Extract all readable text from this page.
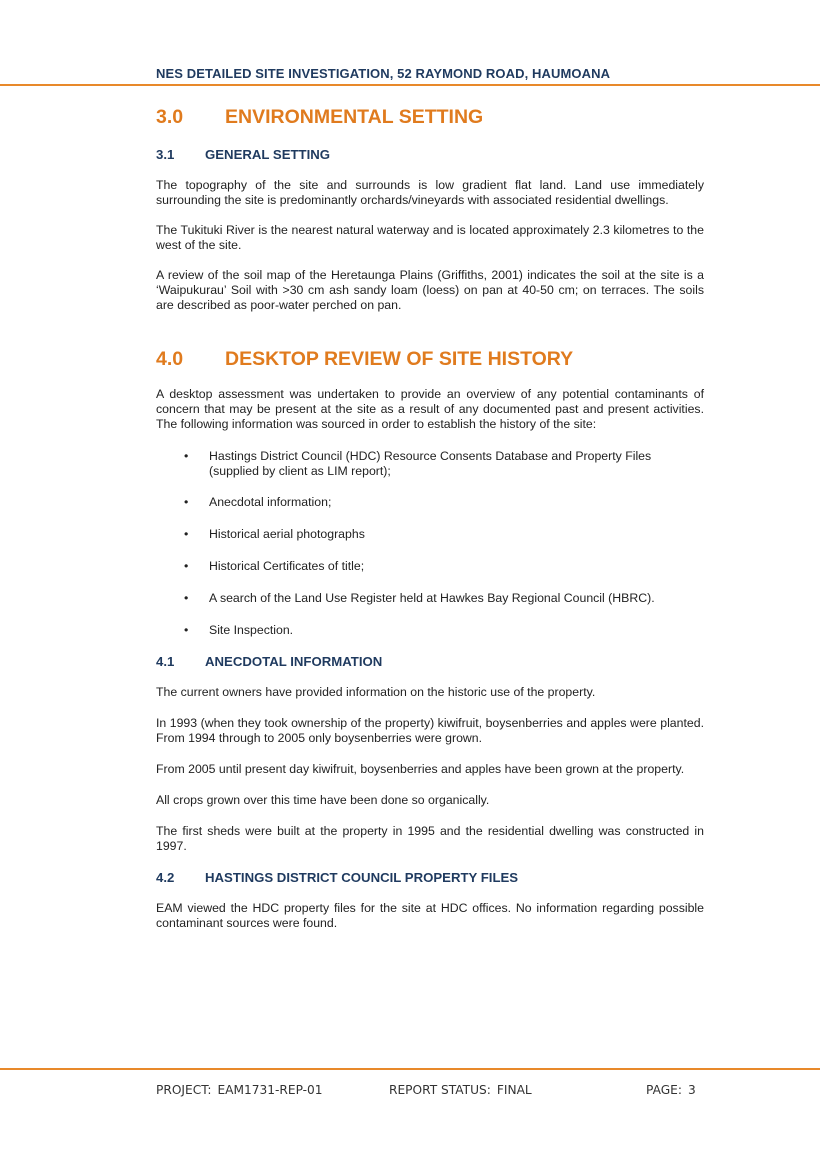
NES DETAILED SITE INVESTIGATION, 52 RAYMOND ROAD, HAUMOANA
3.0	ENVIRONMENTAL SETTING
3.1	GENERAL SETTING

The topography of the site and surrounds is low gradient flat land. Land use immediately surrounding the site is predominantly orchards/vineyards with associated residential dwellings.

The Tukituki River is the nearest natural waterway and is located approximately 2.3 kilometres to the west of the site.

A review of the soil map of the Heretaunga Plains (Griffiths, 2001) indicates the soil at the site is a ‘Waipukurau’ Soil with >30 cm ash sandy loam (loess) on pan at 40-50 cm; on terraces. The soils are described as poor-water perched on pan.

4.0	DESKTOP REVIEW OF SITE HISTORY

A desktop assessment was undertaken to provide an overview of any potential contaminants of concern that may be present at the site as a result of any documented past and present activities. The following information was sourced in order to establish the history of the site:

• Hastings District Council (HDC) Resource Consents Database and Property Files (supplied by client as LIM report);
• Anecdotal information;
• Historical aerial photographs
• Historical Certificates of title;
• A search of the Land Use Register held at Hawkes Bay Regional Council (HBRC).
• Site Inspection.
4.1	ANECDOTAL INFORMATION

The current owners have provided information on the historic use of the property.

In 1993 (when they took ownership of the property) kiwifruit, boysenberries and apples were planted. From 1994 through to 2005 only boysenberries were grown.

From 2005 until present day kiwifruit, boysenberries and apples have been grown at the property.

All crops grown over this time have been done so organically.

The first sheds were built at the property in 1995 and the residential dwelling was constructed in 1997.

4.2	HASTINGS DISTRICT COUNCIL PROPERTY FILES

EAM viewed the HDC property files for the site at HDC offices. No information regarding possible contaminant sources were found.

PROJECT: EAM1731-REP-01	REPORT STATUS: FINAL	PAGE: 3
